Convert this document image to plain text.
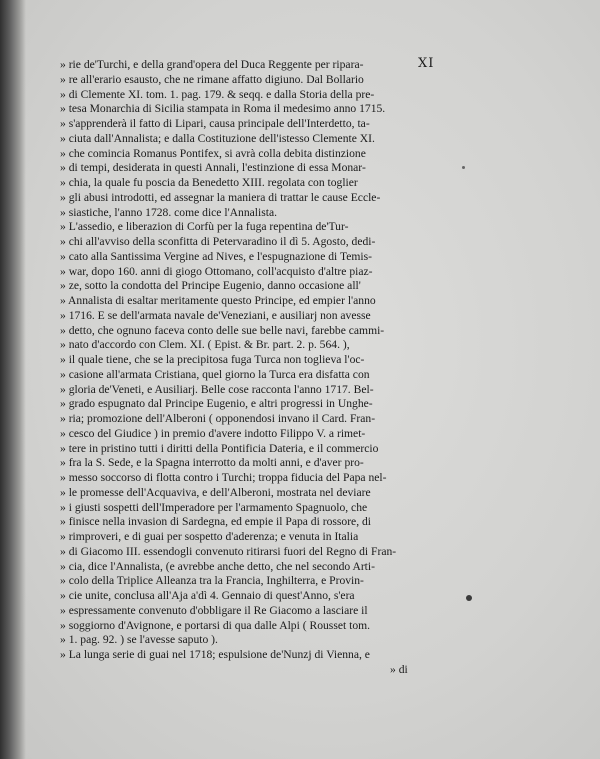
XI
» rie de'Turchi, e della grand'opera del Duca Reggente per ripara-
» re all'erario esausto, che ne rimane affatto digiuno. Dal Bollario
» di Clemente XI. tom. 1. pag. 179. & seqq. e dalla Storia della pre-
» tesa Monarchia di Sicilia stampata in Roma il medesimo anno 1715.
» s'apprenderà il fatto di Lipari, causa principale dell'Interdetto, ta-
» ciuta dall'Annalista; e dalla Costituzione dell'istesso Clemente XI.
» che comincia Romanus Pontifex, si avrà colla debita distinzione
» di tempi, desiderata in questi Annali, l'estinzione di essa Monar-
» chia, la quale fu poscia da Benedetto XIII. regolata con toglier
» gli abusi introdotti, ed assegnar la maniera di trattar le cause Eccle-
» siastiche, l'anno 1728. come dice l'Annalista.
» L'assedio, e liberazion di Corfù per la fuga repentina de'Tur-
» chi all'avviso della sconfitta di Petervaradino il dì 5. Agosto, dedi-
» cato alla Santissima Vergine ad Nives, e l'espugnazione di Temis-
» war, dopo 160. anni di giogo Ottomano, coll'acquisto d'altre piaz-
» ze, sotto la condotta del Principe Eugenio, danno occasione all'
» Annalista di esaltar meritamente questo Principe, ed empier l'anno
» 1716. E se dell'armata navale de'Veneziani, e ausiliarj non avesse
» detto, che ognuno faceva conto delle sue belle navi, farebbe cammi-
» nato d'accordo con Clem. XI. ( Epist. & Br. part. 2. p. 564. ),
» il quale tiene, che se la precipitosa fuga Turca non toglieva l'oc-
» casione all'armata Cristiana, quel giorno la Turca era disfatta con
» gloria de'Veneti, e Ausiliarj. Belle cose racconta l'anno 1717. Bel-
» grado espugnato dal Principe Eugenio, e altri progressi in Unghe-
» ria; promozione dell'Alberoni ( opponendosi invano il Card. Fran-
» cesco del Giudice ) in premio d'avere indotto Filippo V. a rimet-
» tere in pristino tutti i diritti della Pontificia Dateria, e il commercio
» fra la S. Sede, e la Spagna interrotto da molti anni, e d'aver pro-
» messo soccorso di flotta contro i Turchi; troppa fiducia del Papa nel-
» le promesse dell'Acquaviva, e dell'Alberoni, mostrata nel deviare
» i giusti sospetti dell'Imperadore per l'armamento Spagnuolo, che
» finisce nella invasion di Sardegna, ed empie il Papa di rossore, di
» rimproveri, e di guai per sospetto d'aderenza; e venuta in Italia
» di Giacomo III. essendogli convenuto ritirarsi fuori del Regno di Fran-
» cia, dice l'Annalista, (e avrebbe anche detto, che nel secondo Arti-
» colo della Triplice Alleanza tra la Francia, Inghilterra, e Provin-
» cie unite, conclusa all'Aja a'dì 4. Gennaio di quest'Anno, s'era
» espressamente convenuto d'obbligare il Re Giacomo a lasciare il
» soggiorno d'Avignone, e portarsi di qua dalle Alpi ( Rousset tom.
» 1. pag. 92. ) se l'avesse saputo ).
» La lunga serie di guai nel 1718; espulsione de'Nunzj di Vienna, e
» di
